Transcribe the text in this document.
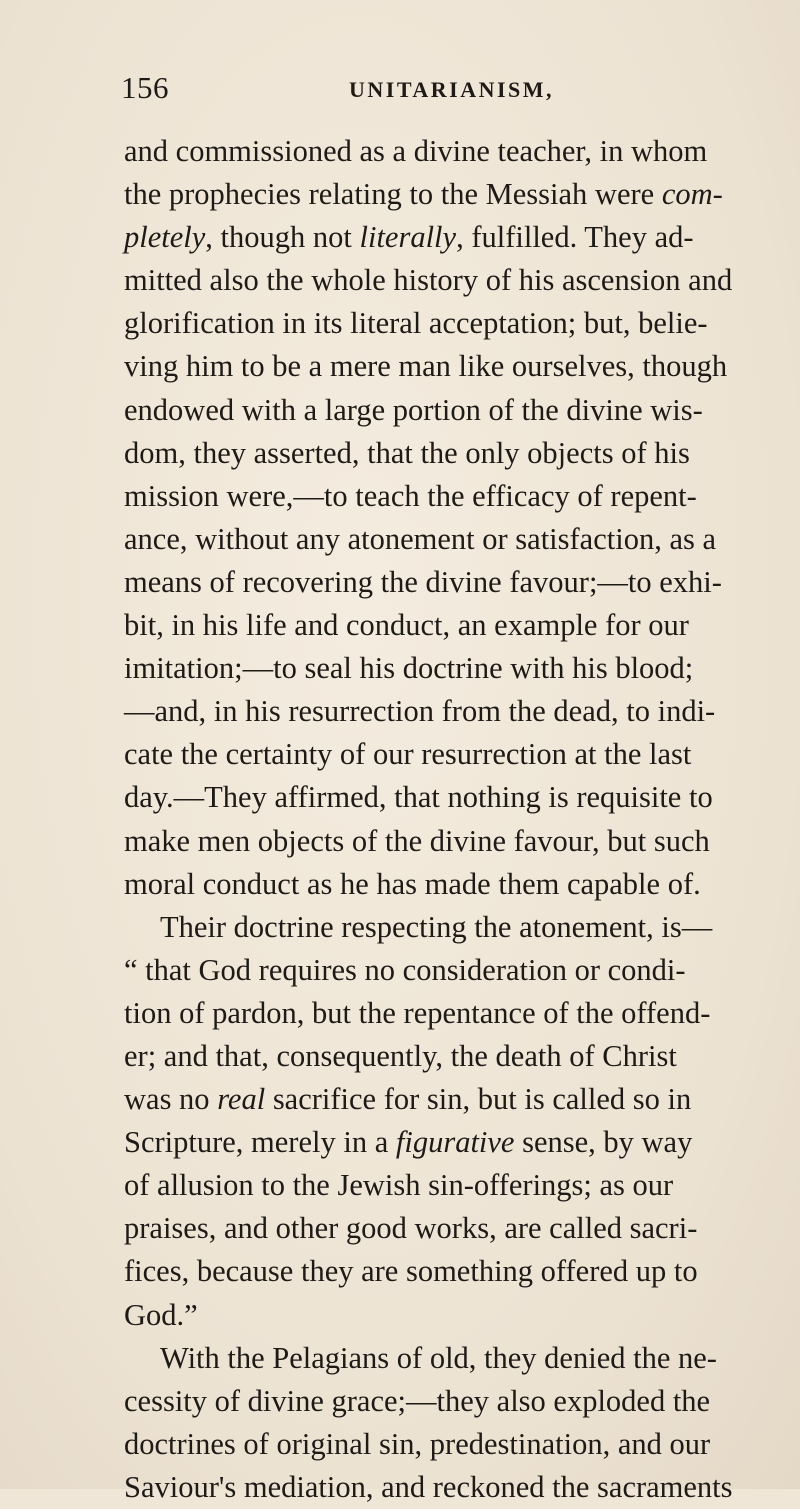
156	UNITARIANISM,
and commissioned as a divine teacher, in whom
the prophecies relating to the Messiah were com-
pletely, though not literally, fulfilled. They ad-
mitted also the whole history of his ascension and
glorification in its literal acceptation; but, belie-
ving him to be a mere man like ourselves, though
endowed with a large portion of the divine wis-
dom, they asserted, that the only objects of his
mission were,—to teach the efficacy of repent-
ance, without any atonement or satisfaction, as a
means of recovering the divine favour;—to exhi-
bit, in his life and conduct, an example for our
imitation;—to seal his doctrine with his blood;
—and, in his resurrection from the dead, to indi-
cate the certainty of our resurrection at the last
day.—They affirmed, that nothing is requisite to
make men objects of the divine favour, but such
moral conduct as he has made them capable of.
Their doctrine respecting the atonement, is—
“ that God requires no consideration or condi-
tion of pardon, but the repentance of the offend-
er; and that, consequently, the death of Christ
was no real sacrifice for sin, but is called so in
Scripture, merely in a figurative sense, by way
of allusion to the Jewish sin-offerings; as our
praises, and other good works, are called sacri-
fices, because they are something offered up to
God.”
With the Pelagians of old, they denied the ne-
cessity of divine grace;—they also exploded the
doctrines of original sin, predestination, and our
Saviour's mediation, and reckoned the sacraments
